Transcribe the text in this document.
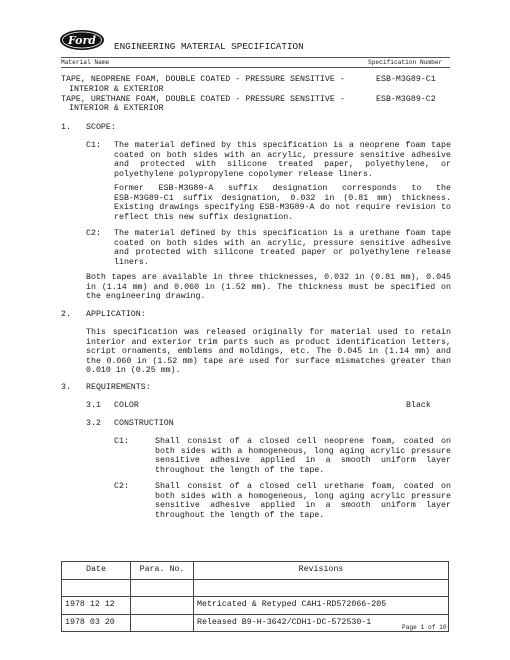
Ford ENGINEERING MATERIAL SPECIFICATION
Material Name	Specification Number
TAPE, NEOPRENE FOAM, DOUBLE COATED - PRESSURE SENSITIVE -	ESB-M3G89-C1
INTERIOR & EXTERIOR
TAPE, URETHANE FOAM, DOUBLE COATED - PRESSURE SENSITIVE -	ESB-M3G89-C2
INTERIOR & EXTERIOR
1. SCOPE:
C1: The material defined by this specification is a neoprene foam tape
coated on both sides with an acrylic, pressure sensitive adhesive
and protected with silicone treated paper, polyethylene, or
polyethylene polypropylene copolymer release liners.
Former ESB-M3G89-A suffix designation corresponds to the
ESB-M3G89-C1 suffix designation, 0.032 in (0.81 mm) thickness.
Existing drawings specifying ESB-M3G89-A do not require revision to
reflect this new suffix designation.
C2: The material defined by this specification is a urethane foam tape
coated on both sides with an acrylic, pressure sensitive adhesive
and protected with silicone treated paper or polyethylene release
liners.
Both tapes are available in three thicknesses, 0.032 in (0.81 mm), 0.045
in (1.14 mm) and 0.060 in (1.52 mm). The thickness must be specified on
the engineering drawing.
2. APPLICATION:
This specification was released originally for material used to retain
interior and exterior trim parts such as product identification letters,
script ornaments, emblems and moldings, etc. The 0.045 in (1.14 mm) and
the 0.060 in (1.52 mm) tape are used for surface mismatches greater than
0.010 in (0.25 mm).
3. REQUIREMENTS:
3.1 COLOR	Black
3.2 CONSTRUCTION
C1:	Shall consist of a closed cell neoprene foam, coated on
both sides with a homogeneous, long aging acrylic pressure
sensitive adhesive applied in a smooth uniform layer
throughout the length of the tape.
C2:	Shall consist of a closed cell urethane foam, coated on
both sides with a homogeneous, long aging acrylic pressure
sensitive adhesive applied in a smooth uniform layer
throughout the length of the tape.
Date	Para. No.	Revisions

1978 12 12		Metricated & Retyped CAH1-RD572066-205
1978 03 20		Released B9-H-3642/CDH1-DC-572530-1
Page 1 of 10
